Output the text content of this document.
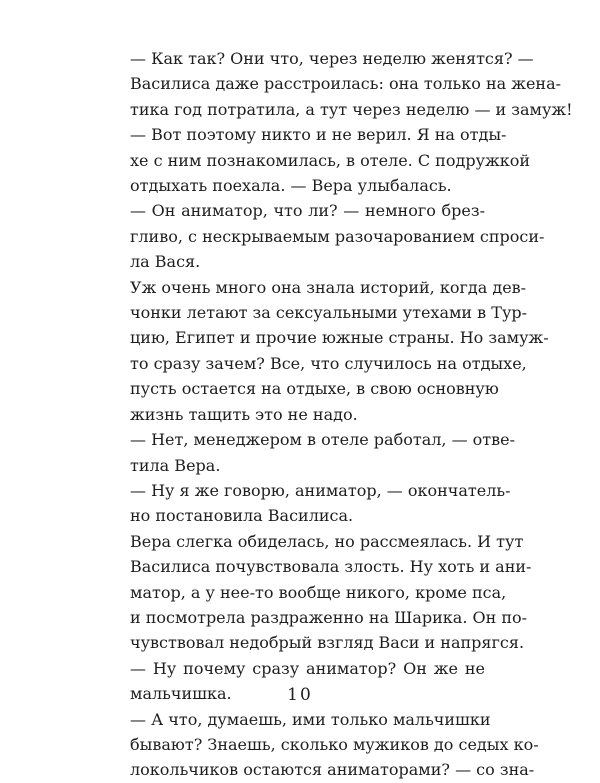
— Как так? Они что, через неделю женятся? —
Василиса даже расстроилась: она только на жена-
тика год потратила, а тут через неделю — и замуж!
— Вот поэтому никто и не верил. Я на отды-
хе с ним познакомилась, в отеле. С подружкой
отдыхать поехала. — Вера улыбалась.
— Он аниматор, что ли? — немного брез-
гливо, с нескрываемым разочарованием спроси-
ла Вася.
Уж очень много она знала историй, когда дев-
чонки летают за сексуальными утехами в Тур-
цию, Египет и прочие южные страны. Но замуж-
то сразу зачем? Все, что случилось на отдыхе,
пусть остается на отдыхе, в свою основную
жизнь тащить это не надо.
— Нет, менеджером в отеле работал, — отве-
тила Вера.
— Ну я же говорю, аниматор, — окончатель-
но постановила Василиса.
Вера слегка обиделась, но рассмеялась. И тут
Василиса почувствовала злость. Ну хоть и ани-
матор, а у нее-то вообще никого, кроме пса,
и посмотрела раздраженно на Шарика. Он по-
чувствовал недобрый взгляд Васи и напрягся.
— Ну почему сразу аниматор? Он же не
мальчишка.
— А что, думаешь, ими только мальчишки
бывают? Знаешь, сколько мужиков до седых ко-
локольчиков остаются аниматорами? — со зна-
10
